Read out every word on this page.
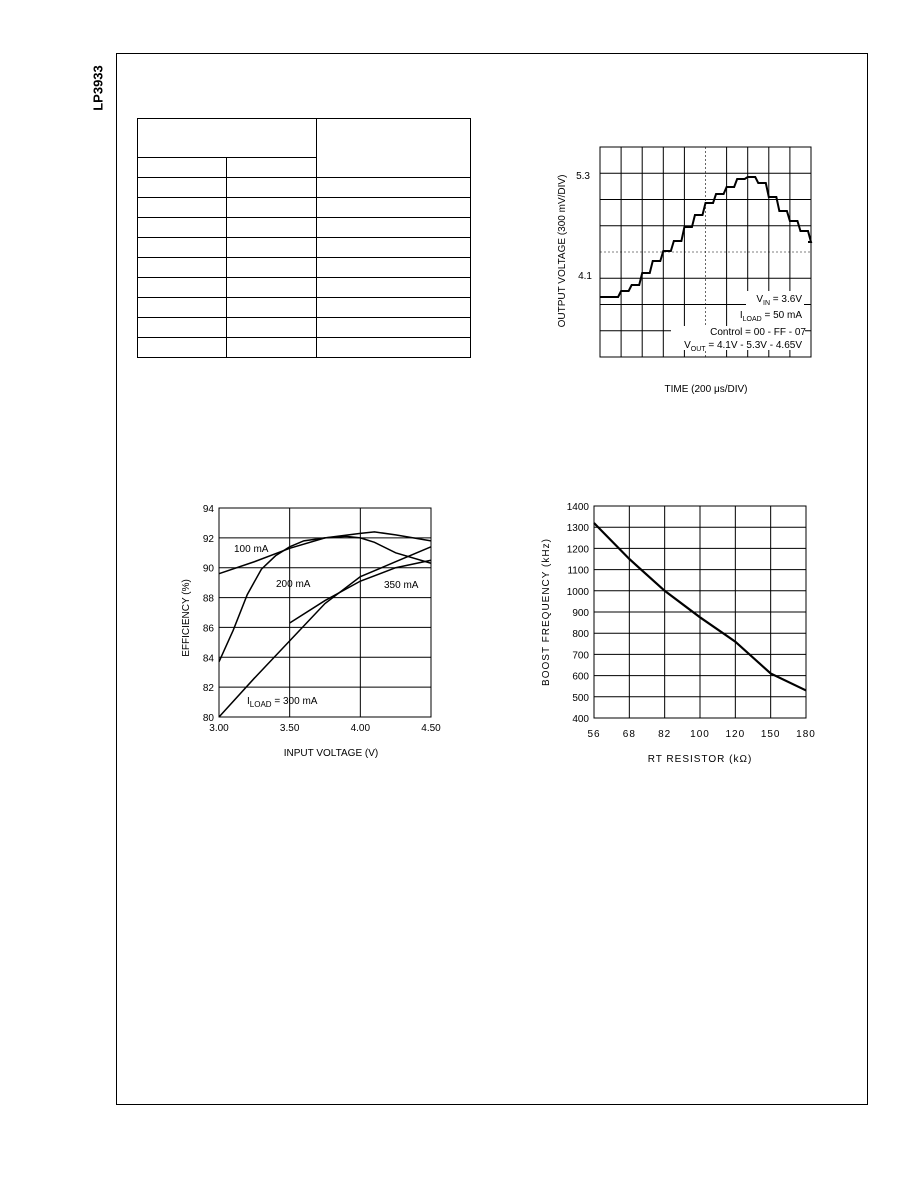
LP3933

5.3
4.1
OUTPUT VOLTAGE (300 mV/DIV)
TIME (200 μs/DIV)
$V_{IN} = 3.6V$
$I_{LOAD} = 50$ mA
Control = 00 - FF - 07
$V_{OUT} = 4.1V - 5.3V - 4.65V$
3.00	3.50	4.00	4.50
80
82
84
86
88
90
92
94
EFFICIENCY (%)
INPUT VOLTAGE (V)
100 mA
200 mA	350 mA
$I_{LOAD} = 300$ mA
56 68 82 100 120 150 180
400
500
600
700
800
900
1000
1100
1200
1300
1400
BOOST FREQUENCY (kHz)
RT RESISTOR (kΩ)
